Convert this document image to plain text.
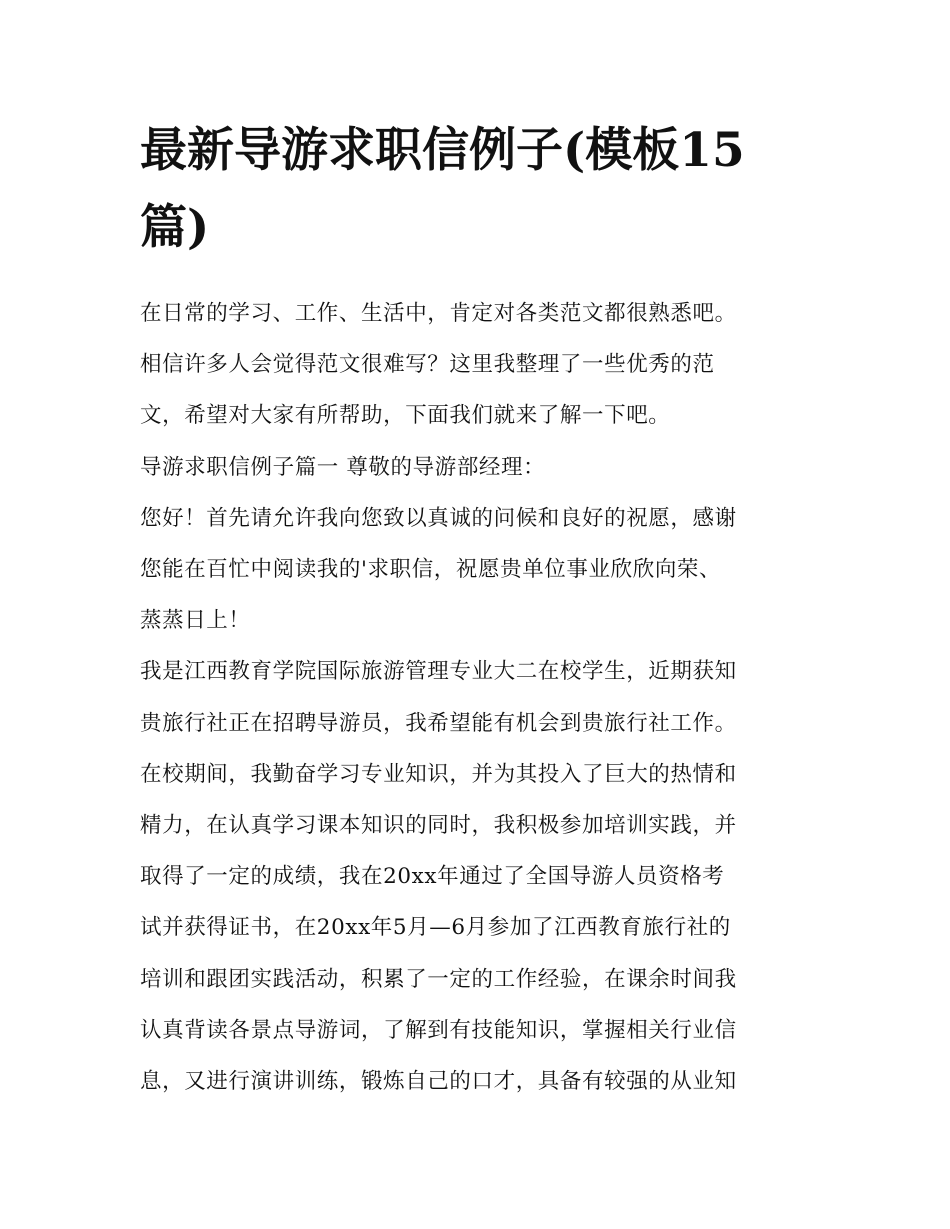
最新导游求职信例子(模板15
篇)

在日常的学习、工作、生活中，肯定对各类范文都很熟悉吧。
相信许多人会觉得范文很难写？这里我整理了一些优秀的范
文，希望对大家有所帮助，下面我们就来了解一下吧。

导游求职信例子篇一 尊敬的导游部经理：

您好！首先请允许我向您致以真诚的问候和良好的祝愿，感谢
您能在百忙中阅读我的'求职信，祝愿贵单位事业欣欣向荣、
蒸蒸日上！

我是江西教育学院国际旅游管理专业大二在校学生，近期获知
贵旅行社正在招聘导游员，我希望能有机会到贵旅行社工作。
在校期间，我勤奋学习专业知识，并为其投入了巨大的热情和
精力，在认真学习课本知识的同时，我积极参加培训实践，并
取得了一定的成绩，我在20xx年通过了全国导游人员资格考
试并获得证书，在20xx年5月—6月参加了江西教育旅行社的
培训和跟团实践活动，积累了一定的工作经验，在课余时间我
认真背读各景点导游词，了解到有技能知识，掌握相关行业信
息，又进行演讲训练，锻炼自己的口才，具备有较强的从业知
